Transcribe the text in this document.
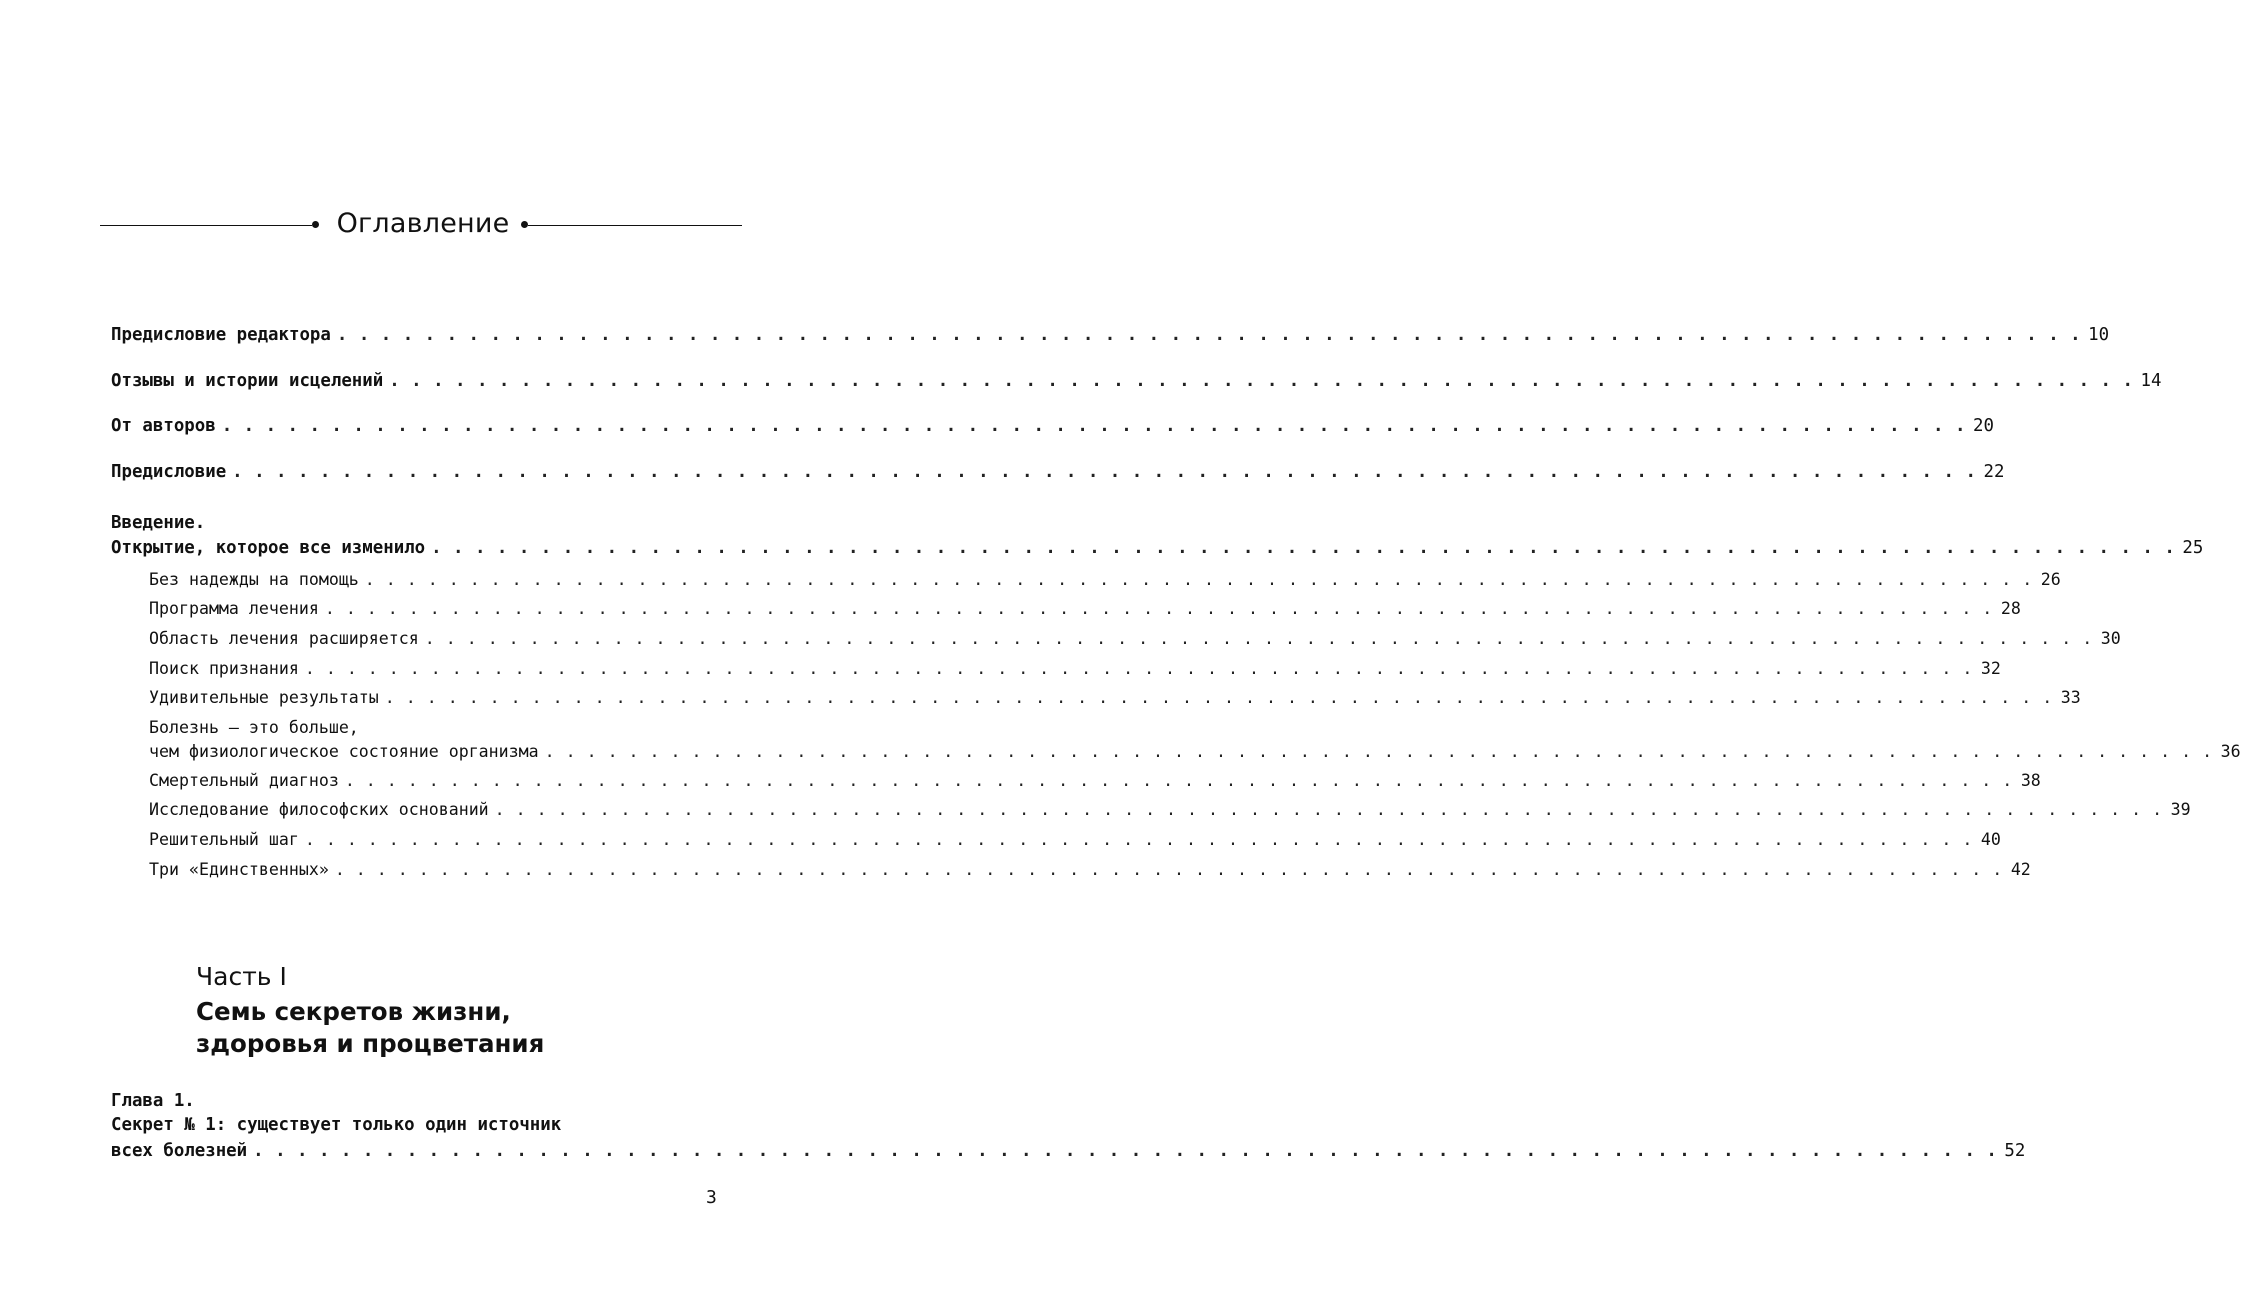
Оглавление
Предисловие редактора . . . . . . . . . . . . . . . . . . . . . . . . . . . . . . . . . . . . . . . . . . . . . . . . . . . . . . . . . . . . . . . . . . . . . . . . . . . . . . . . 10
Отзывы и истории исцелений . . . . . . . . . . . . . . . . . . . . . . . . . . . . . . . . . . . . . . . . . . . . . . . . . . . . . . . . . . . . . . . . . . . . . . . . . . . . . . . . 14
От авторов . . . . . . . . . . . . . . . . . . . . . . . . . . . . . . . . . . . . . . . . . . . . . . . . . . . . . . . . . . . . . . . . . . . . . . . . . . . . . . . . 20
Предисловие . . . . . . . . . . . . . . . . . . . . . . . . . . . . . . . . . . . . . . . . . . . . . . . . . . . . . . . . . . . . . . . . . . . . . . . . . . . . . . . . 22
Введение.
Открытие, которое все изменило . . . . . . . . . . . . . . . . . . . . . . . . . . . . . . . . . . . . . . . . . . . . . . . . . . . . . . . . . . . . . . . . . . . . . . . . . . . . . . . . 25
Без надежды на помощь . . . . . . . . . . . . . . . . . . . . . . . . . . . . . . . . . . . . . . . . . . . . . . . . . . . . . . . . . . . . . . . . . . . . . . . . . . . . . . . . 26
Программа лечения . . . . . . . . . . . . . . . . . . . . . . . . . . . . . . . . . . . . . . . . . . . . . . . . . . . . . . . . . . . . . . . . . . . . . . . . . . . . . . . . 28
Область лечения расширяется . . . . . . . . . . . . . . . . . . . . . . . . . . . . . . . . . . . . . . . . . . . . . . . . . . . . . . . . . . . . . . . . . . . . . . . . . . . . . . . . 30
Поиск признания . . . . . . . . . . . . . . . . . . . . . . . . . . . . . . . . . . . . . . . . . . . . . . . . . . . . . . . . . . . . . . . . . . . . . . . . . . . . . . . . 32
Удивительные результаты . . . . . . . . . . . . . . . . . . . . . . . . . . . . . . . . . . . . . . . . . . . . . . . . . . . . . . . . . . . . . . . . . . . . . . . . . . . . . . . . 33
Болезнь — это больше,
чем физиологическое состояние организма . . . . . . . . . . . . . . . . . . . . . . . . . . . . . . . . . . . . . . . . . . . . . . . . . . . . . . . . . . . . . . . . . . . . . . . . . . . . . . . . 36
Смертельный диагноз . . . . . . . . . . . . . . . . . . . . . . . . . . . . . . . . . . . . . . . . . . . . . . . . . . . . . . . . . . . . . . . . . . . . . . . . . . . . . . . . 38
Исследование философских оснований . . . . . . . . . . . . . . . . . . . . . . . . . . . . . . . . . . . . . . . . . . . . . . . . . . . . . . . . . . . . . . . . . . . . . . . . . . . . . . . . 39
Решительный шаг . . . . . . . . . . . . . . . . . . . . . . . . . . . . . . . . . . . . . . . . . . . . . . . . . . . . . . . . . . . . . . . . . . . . . . . . . . . . . . . . 40
Три «Единственных» . . . . . . . . . . . . . . . . . . . . . . . . . . . . . . . . . . . . . . . . . . . . . . . . . . . . . . . . . . . . . . . . . . . . . . . . . . . . . . . . 42
Глава 1.
Секрет № 1: существует только один источник
всех болезней . . . . . . . . . . . . . . . . . . . . . . . . . . . . . . . . . . . . . . . . . . . . . . . . . . . . . . . . . . . . . . . . . . . . . . . . . . . . . . . . 52
Часть I
Семь секретов жизни,
здоровья и процветания
3
